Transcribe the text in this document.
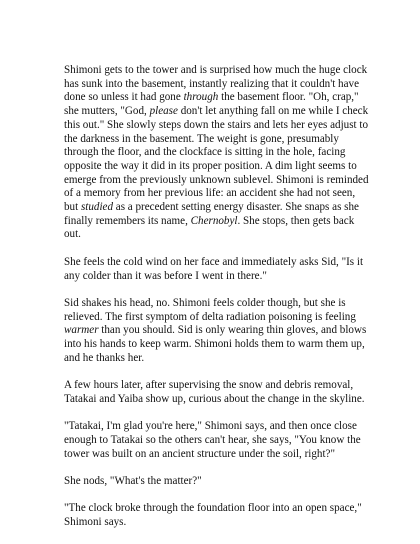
Shimoni gets to the tower and is surprised how much the huge clock has sunk into the basement, instantly realizing that it couldn't have done so unless it had gone through the basement floor. "Oh, crap," she mutters, "God, please don't let anything fall on me while I check this out." She slowly steps down the stairs and lets her eyes adjust to the darkness in the basement. The weight is gone, presumably through the floor, and the clockface is sitting in the hole, facing opposite the way it did in its proper position. A dim light seems to emerge from the previously unknown sublevel. Shimoni is reminded of a memory from her previous life: an accident she had not seen, but studied as a precedent setting energy disaster. She snaps as she finally remembers its name, Chernobyl. She stops, then gets back out.

She feels the cold wind on her face and immediately asks Sid, "Is it any colder than it was before I went in there."

Sid shakes his head, no. Shimoni feels colder though, but she is relieved. The first symptom of delta radiation poisoning is feeling warmer than you should. Sid is only wearing thin gloves, and blows into his hands to keep warm. Shimoni holds them to warm them up, and he thanks her.

A few hours later, after supervising the snow and debris removal, Tatakai and Yaiba show up, curious about the change in the skyline.

"Tatakai, I'm glad you're here," Shimoni says, and then once close enough to Tatakai so the others can't hear, she says, "You know the tower was built on an ancient structure under the soil, right?"

She nods, "What's the matter?"

"The clock broke through the foundation floor into an open space," Shimoni says.
